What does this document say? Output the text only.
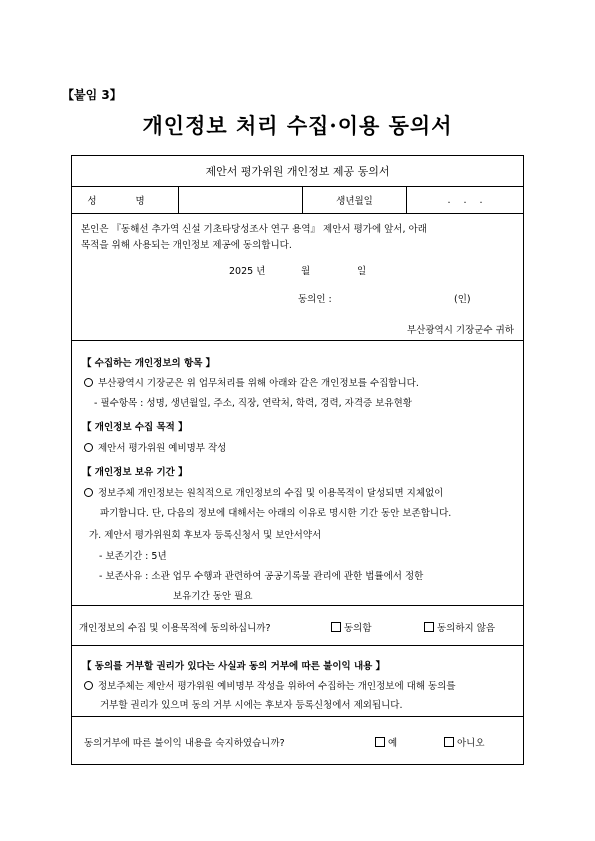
【붙임 3】
개인정보 처리 수집·이용 동의서
제안서 평가위원 개인정보 제공 동의서
성 명	생년월일	. . .
본인은 『동해선 추가역 신설 기초타당성조사 연구 용역』 제안서 평가에 앞서, 아래
목적을 위해 사용되는 개인정보 제공에 동의합니다.
2025 년	월	일
동의인 :	(인)
부산광역시 기장군수 귀하
【 수집하는 개인정보의 항목 】
부산광역시 기장군은 위 업무처리를 위해 아래와 같은 개인정보를 수집합니다.
- 필수항목 : 성명, 생년월일, 주소, 직장, 연락처, 학력, 경력, 자격증 보유현황
【 개인정보 수집 목적 】
제안서 평가위원 예비명부 작성
【 개인정보 보유 기간 】
정보주체 개인정보는 원칙적으로 개인정보의 수집 및 이용목적이 달성되면 지체없이
파기합니다. 단, 다음의 정보에 대해서는 아래의 이유로 명시한 기간 동안 보존합니다.
가. 제안서 평가위원회 후보자 등록신청서 및 보안서약서
- 보존기간 : 5년
- 보존사유 : 소관 업무 수행과 관련하여 공공기록물 관리에 관한 법률에서 정한
보유기간 동안 필요
개인정보의 수집 및 이용목적에 동의하십니까?	동의함	동의하지 않음
【 동의를 거부할 권리가 있다는 사실과 동의 거부에 따른 불이익 내용 】
정보주체는 제안서 평가위원 예비명부 작성을 위하여 수집하는 개인정보에 대해 동의를
거부할 권리가 있으며 동의 거부 시에는 후보자 등록신청에서 제외됩니다.
동의거부에 따른 불이익 내용을 숙지하였습니까?	예	아니오
